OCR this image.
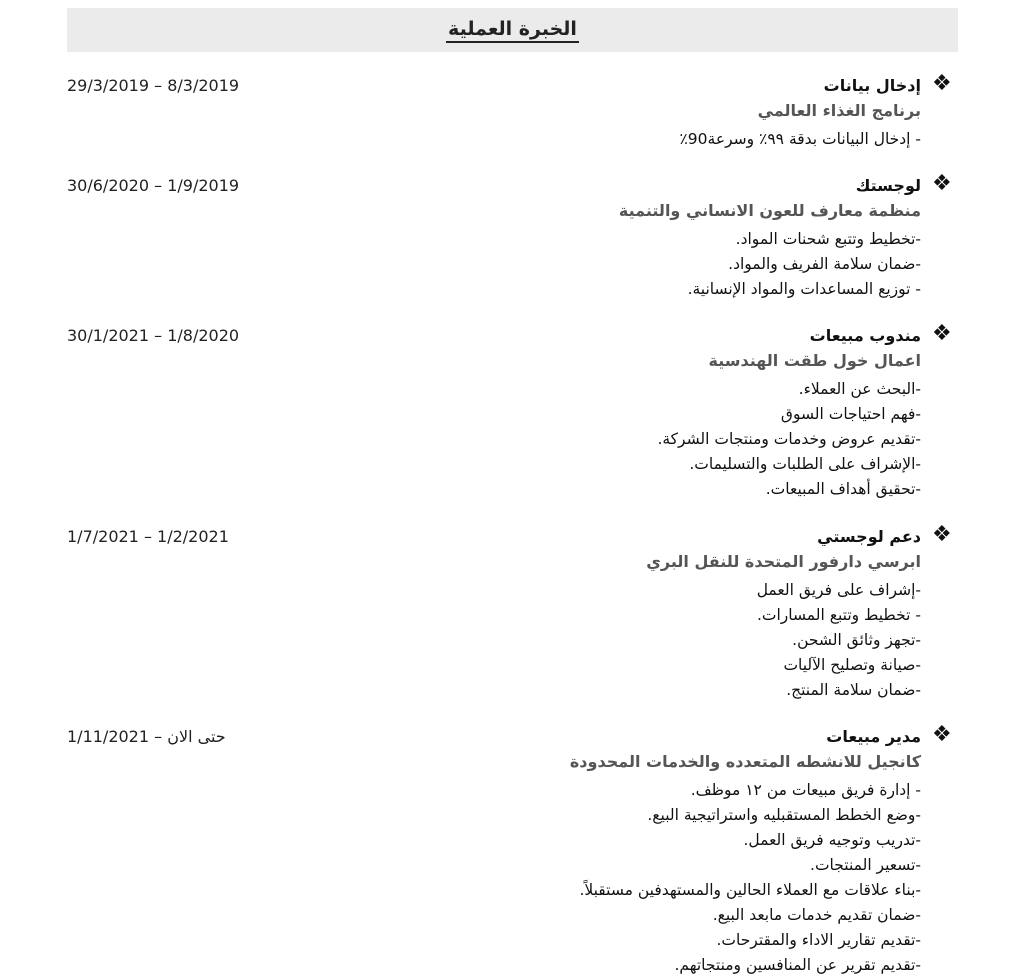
الخبرة العملية
❖
إدخال بيانات
29/3/2019 – 8/3/2019
برنامج الغذاء العالمي
- إدخال البيانات بدقة ٩٩٪ وسرعة90٪
❖
لوجستك
30/6/2020 – 1/9/2019
منظمة معارف للعون الانساني والتنمية
-تخطيط وتتبع شحنات المواد.
-ضمان سلامة الفريف والمواد.
- توزيع المساعدات والمواد الإنسانية.
❖
مندوب مبيعات
30/1/2021 – 1/8/2020
اعمال خول طقت الهندسية
-البحث عن العملاء.
-فهم احتياجات السوق
-تقديم عروض وخدمات ومنتجات الشركة.
-الإشراف على الطلبات والتسليمات.
-تحقيق أهداف المبيعات.
❖
دعم لوجستي
1/7/2021 – 1/2/2021
ابرسي دارفور المتحدة للنقل البري
-إشراف على فريق العمل
- تخطيط وتتبع المسارات.
-تجهز وثائق الشحن.
-صيانة وتصليح الآليات
-ضمان سلامة المنتج.
❖
مدير مبيعات
1/11/2021 – حتى الان
كانجيل للانشطه المتعدده والخدمات المحدودة
- إدارة فريق مبيعات من ١٢ موظف.
-وضع الخطط المستقبليه واستراتيجية البيع.
-تدريب وتوجيه فريق العمل.
-تسعير المنتجات.
-بناء علاقات مع العملاء الحالين والمستهدفين مستقبلاً.
-ضمان تقديم خدمات مابعد البيع.
-تقديم تقارير الاداء والمقترحات.
-تقديم تقرير عن المنافسين ومنتجاتهم.
